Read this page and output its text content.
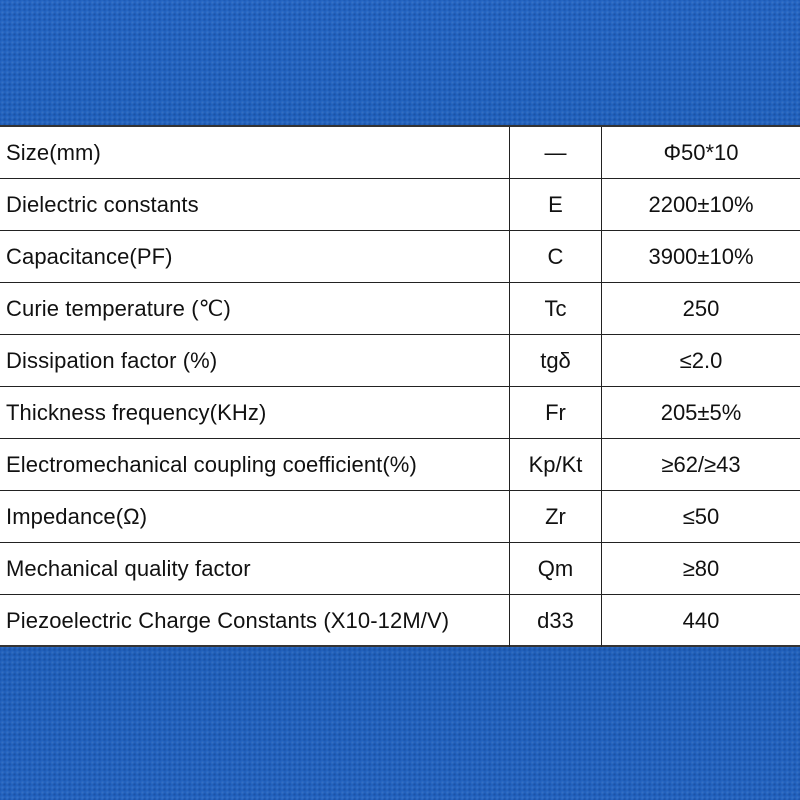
Size(mm)	—	Φ50*10
Dielectric constants	E	2200±10%
Capacitance(PF)	C	3900±10%
Curie temperature (℃)	Tc	250
Dissipation factor (%)	tgδ	≤2.0
Thickness frequency(KHz)	Fr	205±5%
Electromechanical coupling coefficient(%)	Kp/Kt	≥62/≥43
Impedance(Ω)	Zr	≤50
Mechanical quality factor	Qm	≥80
Piezoelectric Charge Constants (X10-12M/V)	d33	440
